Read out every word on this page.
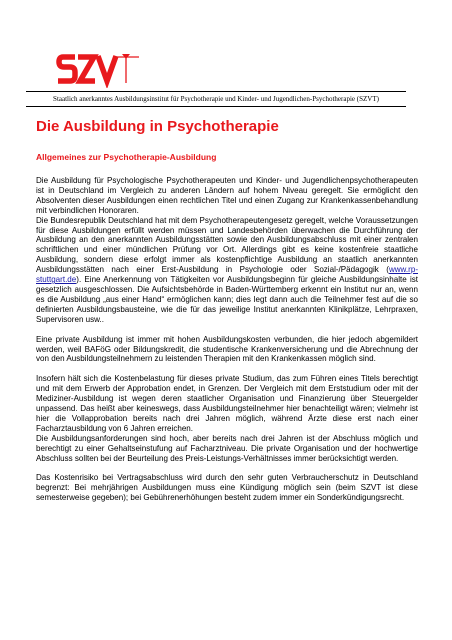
Staatlich anerkanntes Ausbildungsinstitut für Psychotherapie und Kinder- und Jugendlichen-Psychotherapie (SZVT)
Die Ausbildung in Psychotherapie
Allgemeines zur Psychotherapie-Ausbildung

Die Ausbildung für Psychologische Psychotherapeuten und Kinder- und Jugendlichenpsychotherapeuten ist in Deutschland im Vergleich zu anderen Ländern auf hohem Niveau geregelt. Sie ermöglicht den Absolventen dieser Ausbildungen einen rechtlichen Titel und einen Zugang zur Krankenkassenbehandlung mit verbindlichen Honoraren.

Die Bundesrepublik Deutschland hat mit dem Psychotherapeutengesetz geregelt, welche Voraussetzungen für diese Ausbildungen erfüllt werden müssen und Landesbehörden überwachen die Durchführung der Ausbildung an den anerkannten Ausbildungsstätten sowie den Ausbildungsabschluss mit einer zentralen schriftlichen und einer mündlichen Prüfung vor Ort. Allerdings gibt es keine kostenfreie staatliche Ausbildung, sondern diese erfolgt immer als kostenpflichtige Ausbildung an staatlich anerkannten Ausbildungsstätten nach einer Erst-Ausbildung in Psychologie oder Sozial-/Pädagogik (www.rp-stuttgart.de). Eine Anerkennung von Tätigkeiten vor Ausbildungsbeginn für gleiche Ausbildungsinhalte ist gesetzlich ausgeschlossen. Die Aufsichtsbehörde in Baden-Württemberg erkennt ein Institut nur an, wenn es die Ausbildung „aus einer Hand“ ermöglichen kann; dies legt dann auch die Teilnehmer fest auf die so definierten Ausbildungsbausteine, wie die für das jeweilige Institut anerkannten Klinikplätze, Lehrpraxen, Supervisoren usw..

Eine private Ausbildung ist immer mit hohen Ausbildungskosten verbunden, die hier jedoch abgemildert werden, weil BAFöG oder Bildungskredit, die studentische Krankenversicherung und die Abrechnung der von den Ausbildungsteilnehmern zu leistenden Therapien mit den Krankenkassen möglich sind.

Insofern hält sich die Kostenbelastung für dieses private Studium, das zum Führen eines Titels berechtigt und mit dem Erwerb der Approbation endet, in Grenzen. Der Vergleich mit dem Erststudium oder mit der Mediziner-Ausbildung ist wegen deren staatlicher Organisation und Finanzierung über Steuergelder unpassend. Das heißt aber keineswegs, dass Ausbildungsteilnehmer hier benachteiligt wären; vielmehr ist hier die Vollapprobation bereits nach drei Jahren möglich, während Ärzte diese erst nach einer Facharztausbildung von 6 Jahren erreichen.

Die Ausbildungsanforderungen sind hoch, aber bereits nach drei Jahren ist der Abschluss möglich und berechtigt zu einer Gehaltseinstufung auf Facharztniveau. Die private Organisation und der hochwertige Abschluss sollten bei der Beurteilung des Preis-Leistungs-Verhältnisses immer berücksichtigt werden.

Das Kostenrisiko bei Vertragsabschluss wird durch den sehr guten Verbraucherschutz in Deutschland begrenzt: Bei mehrjährigen Ausbildungen muss eine Kündigung möglich sein (beim SZVT ist diese semesterweise gegeben); bei Gebührenerhöhungen besteht zudem immer ein Sonderkündigungsrecht.
